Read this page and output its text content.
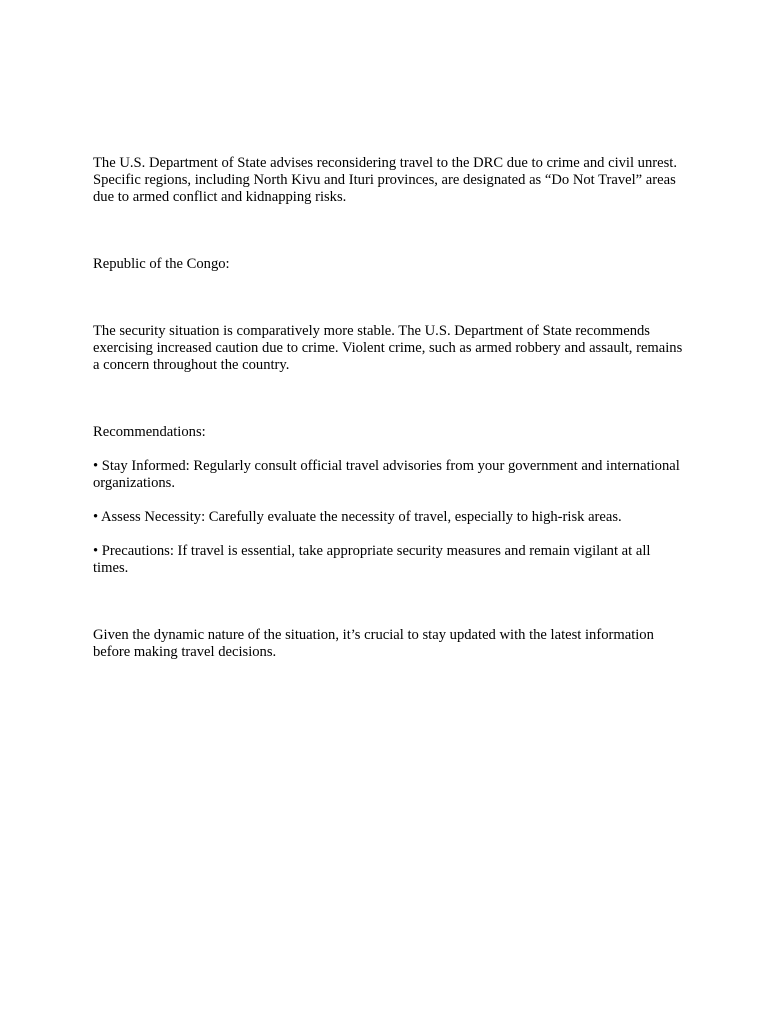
The U.S. Department of State advises reconsidering travel to the DRC due to crime and civil unrest. Specific regions, including North Kivu and Ituri provinces, are designated as “Do Not Travel” areas due to armed conflict and kidnapping risks.

Republic of the Congo:

The security situation is comparatively more stable. The U.S. Department of State recommends exercising increased caution due to crime. Violent crime, such as armed robbery and assault, remains a concern throughout the country.

Recommendations:

• Stay Informed: Regularly consult official travel advisories from your government and international organizations.

• Assess Necessity: Carefully evaluate the necessity of travel, especially to high-risk areas.

• Precautions: If travel is essential, take appropriate security measures and remain vigilant at all times.

Given the dynamic nature of the situation, it’s crucial to stay updated with the latest information before making travel decisions.
